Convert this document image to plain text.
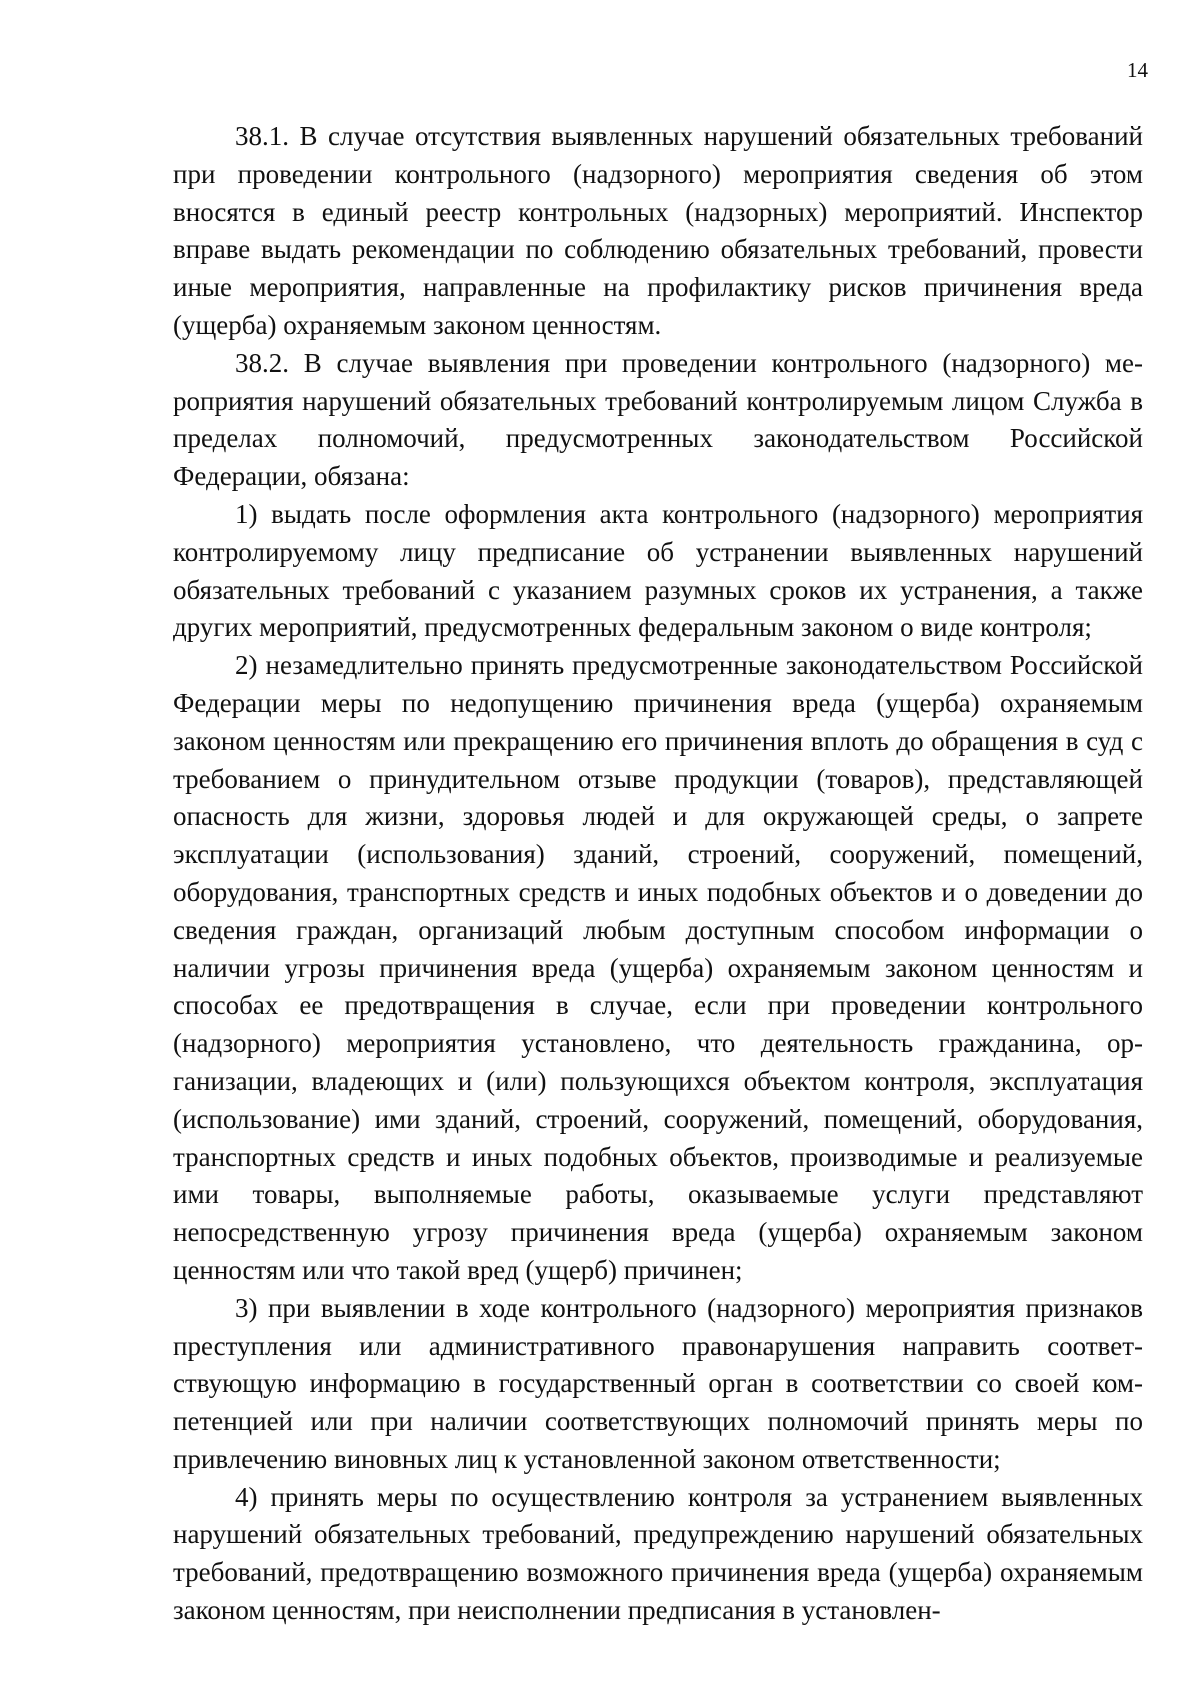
14

38.1. В случае отсутствия выявленных нарушений обязательных требований при проведении контрольного (надзорного) мероприятия сведения об этом вносятся в единый реестр контрольных (надзорных) мероприятий. Инспектор вправе выдать рекомендации по соблюдению обязательных требований, провести иные мероприятия, направленные на профилактику рисков причинения вреда (ущерба) охраняемым законом ценностям.

38.2. В случае выявления при проведении контрольного (надзорного) мероприятия нарушений обязательных требований контролируемым лицом Служба в пределах полномочий, предусмотренных законодательством Российской Федерации, обязана:

1) выдать после оформления акта контрольного (надзорного) мероприятия контролируемому лицу предписание об устранении выявленных нарушений обязательных требований с указанием разумных сроков их устранения, а также других мероприятий, предусмотренных федеральным законом о виде контроля;

2) незамедлительно принять предусмотренные законодательством Российской Федерации меры по недопущению причинения вреда (ущерба) охраняемым законом ценностям или прекращению его причинения вплоть до обращения в суд с требованием о принудительном отзыве продукции (товаров), представляющей опасность для жизни, здоровья людей и для окружающей среды, о запрете эксплуатации (использования) зданий, строений, сооружений, помещений, оборудования, транспортных средств и иных подобных объектов и о доведении до сведения граждан, организаций любым доступным способом информации о наличии угрозы причинения вреда (ущерба) охраняемым законом ценностям и способах ее предотвращения в случае, если при проведении контрольного (надзорного) мероприятия установлено, что деятельность гражданина, организации, владеющих и (или) пользующихся объектом контроля, эксплуатация (использование) ими зданий, строений, сооружений, помещений, оборудования, транспортных средств и иных подобных объектов, производимые и реализуемые ими товары, выполняемые работы, оказываемые услуги представляют непосредственную угрозу причинения вреда (ущерба) охраняемым законом ценностям или что такой вред (ущерб) причинен;

3) при выявлении в ходе контрольного (надзорного) мероприятия признаков преступления или административного правонарушения направить соответствующую информацию в государственный орган в соответствии со своей компетенцией или при наличии соответствующих полномочий принять меры по привлечению виновных лиц к установленной законом ответственности;

4) принять меры по осуществлению контроля за устранением выявленных нарушений обязательных требований, предупреждению нарушений обязательных требований, предотвращению возможного причинения вреда (ущерба) охраняемым законом ценностям, при неисполнении предписания в установлен-
